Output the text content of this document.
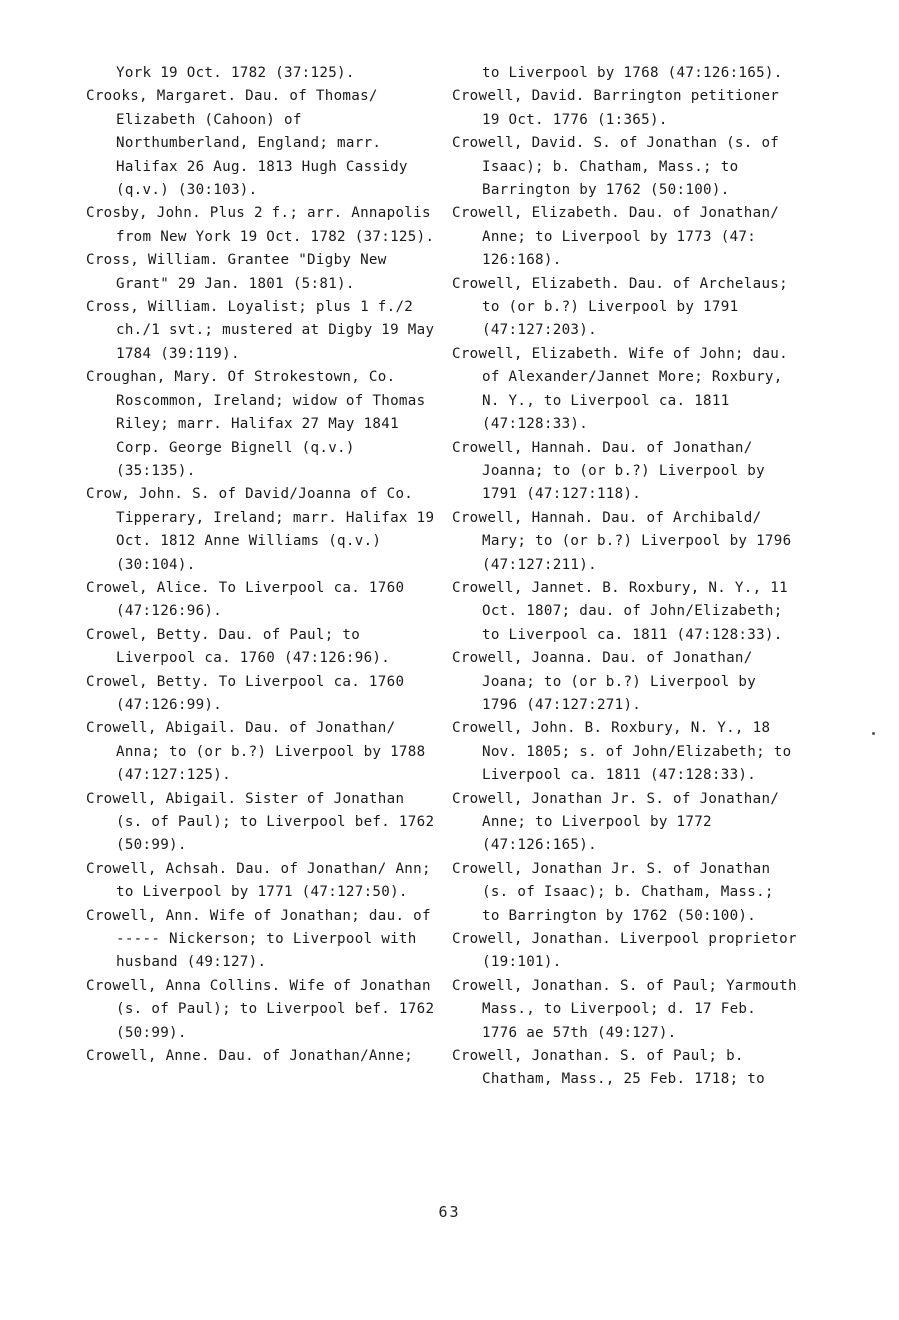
York 19 Oct. 1782 (37:125).

Crooks, Margaret. Dau. of Thomas/ Elizabeth (Cahoon) of Northumberland, England; marr. Halifax 26 Aug. 1813 Hugh Cassidy (q.v.) (30:103).

Crosby, John. Plus 2 f.; arr. Annapolis from New York 19 Oct. 1782 (37:125).

Cross, William. Grantee "Digby New Grant" 29 Jan. 1801 (5:81).

Cross, William. Loyalist; plus 1 f./2 ch./1 svt.; mustered at Digby 19 May 1784 (39:119).

Croughan, Mary. Of Strokestown, Co. Roscommon, Ireland; widow of Thomas Riley; marr. Halifax 27 May 1841 Corp. George Bignell (q.v.) (35:135).

Crow, John. S. of David/Joanna of Co. Tipperary, Ireland; marr. Halifax 19 Oct. 1812 Anne Williams (q.v.) (30:104).

Crowel, Alice. To Liverpool ca. 1760 (47:126:96).

Crowel, Betty. Dau. of Paul; to Liverpool ca. 1760 (47:126:96).

Crowel, Betty. To Liverpool ca. 1760 (47:126:99).

Crowell, Abigail. Dau. of Jonathan/ Anna; to (or b.?) Liverpool by 1788 (47:127:125).

Crowell, Abigail. Sister of Jonathan (s. of Paul); to Liverpool bef. 1762 (50:99).

Crowell, Achsah. Dau. of Jonathan/ Ann; to Liverpool by 1771 (47:127:50).

Crowell, Ann. Wife of Jonathan; dau. of ----- Nickerson; to Liverpool with husband (49:127).

Crowell, Anna Collins. Wife of Jonathan (s. of Paul); to Liverpool bef. 1762 (50:99).

Crowell, Anne. Dau. of Jonathan/Anne;

to Liverpool by 1768 (47:126:165).

Crowell, David. Barrington petitioner 19 Oct. 1776 (1:365).

Crowell, David. S. of Jonathan (s. of Isaac); b. Chatham, Mass.; to Barrington by 1762 (50:100).

Crowell, Elizabeth. Dau. of Jonathan/ Anne; to Liverpool by 1773 (47: 126:168).

Crowell, Elizabeth. Dau. of Archelaus; to (or b.?) Liverpool by 1791 (47:127:203).

Crowell, Elizabeth. Wife of John; dau. of Alexander/Jannet More; Roxbury, N. Y., to Liverpool ca. 1811 (47:128:33).

Crowell, Hannah. Dau. of Jonathan/ Joanna; to (or b.?) Liverpool by 1791 (47:127:118).

Crowell, Hannah. Dau. of Archibald/ Mary; to (or b.?) Liverpool by 1796 (47:127:211).

Crowell, Jannet. B. Roxbury, N. Y., 11 Oct. 1807; dau. of John/Elizabeth; to Liverpool ca. 1811 (47:128:33).

Crowell, Joanna. Dau. of Jonathan/ Joana; to (or b.?) Liverpool by 1796 (47:127:271).

Crowell, John. B. Roxbury, N. Y., 18 Nov. 1805; s. of John/Elizabeth; to Liverpool ca. 1811 (47:128:33).

Crowell, Jonathan Jr. S. of Jonathan/ Anne; to Liverpool by 1772 (47:126:165).

Crowell, Jonathan Jr. S. of Jonathan (s. of Isaac); b. Chatham, Mass.; to Barrington by 1762 (50:100).

Crowell, Jonathan. Liverpool proprietor (19:101).

Crowell, Jonathan. S. of Paul; Yarmouth Mass., to Liverpool; d. 17 Feb. 1776 ae 57th (49:127).

Crowell, Jonathan. S. of Paul; b. Chatham, Mass., 25 Feb. 1718; to

63
